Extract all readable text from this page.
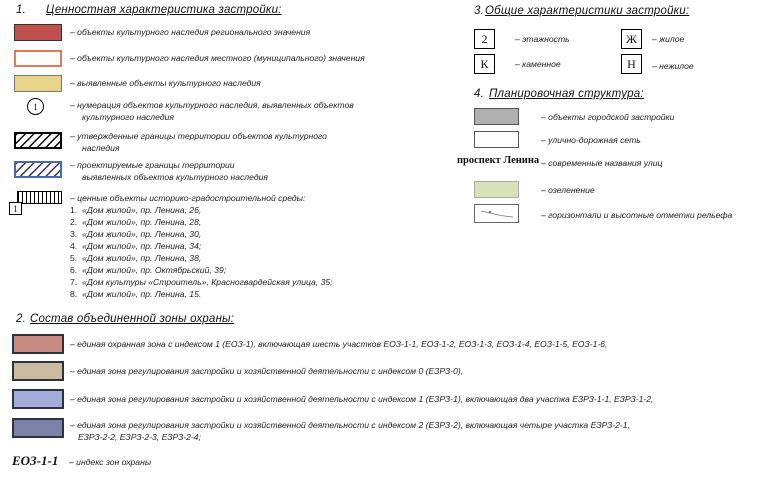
1. Ценностная характеристика застройки:
– объекты культурного наследия регионального значения
– объекты культурного наследия местного (муниципального) значения
– выявленные объекты культурного наследия
1	– нумерация объектов культурного наследия, выявленных объектов
культурного наследия
– утвержденные границы территории объектов культурного
наследия
– проектируемые границы территории
выявленных объектов культурного наследия
1
– ценные объекты историко-градостроительной среды:
1. «Дом жилой», пр. Ленина, 26,
2. «Дом жилой», пр. Ленина, 28,
3. «Дом жилой», пр. Ленина, 30,
4. «Дом жилой», пр. Ленина, 34;
5. «Дом жилой», пр. Ленина, 38,
6. «Дом жилой», пр. Октябрьский, 39;
7. «Дом культуры «Строитель», Красногвардейская улица, 35;
8. «Дом жилой», пр. Ленина, 15.
3. Общие характеристики застройки:
2	– этажность	Ж	– жилое
К	– каменное	Н	– нежилое
4. Планировочная структура:
– объекты городской застройки
– улично-дорожная сеть
проспект Ленина – современные названия улиц
– озеленение
– горизонтали и высотные отметки рельефа
2. Состав объединенной зоны охраны:
– единая охранная зона с индексом 1 (ЕОЗ-1), включающая шесть участков ЕОЗ-1-1, ЕОЗ-1-2, ЕОЗ-1-3, ЕОЗ-1-4, ЕОЗ-1-5, ЕОЗ-1-6,
– единая зона регулирования застройки и хозяйственной деятельности с индексом 0 (ЕЗРЗ-0),
– единая зона регулирования застройки и хозяйственной деятельности с индексом 1 (ЕЗРЗ-1), включающая два участка ЕЗРЗ-1-1, ЕЗРЗ-1-2,
– единая зона регулирования застройки и хозяйственной деятельности с индексом 2 (ЕЗРЗ-2), включающая четыре участка ЕЗРЗ-2-1,
ЕЗРЗ-2-2, ЕЗРЗ-2-3, ЕЗРЗ-2-4;
ЕОЗ-1-1 – индекс зон охраны
